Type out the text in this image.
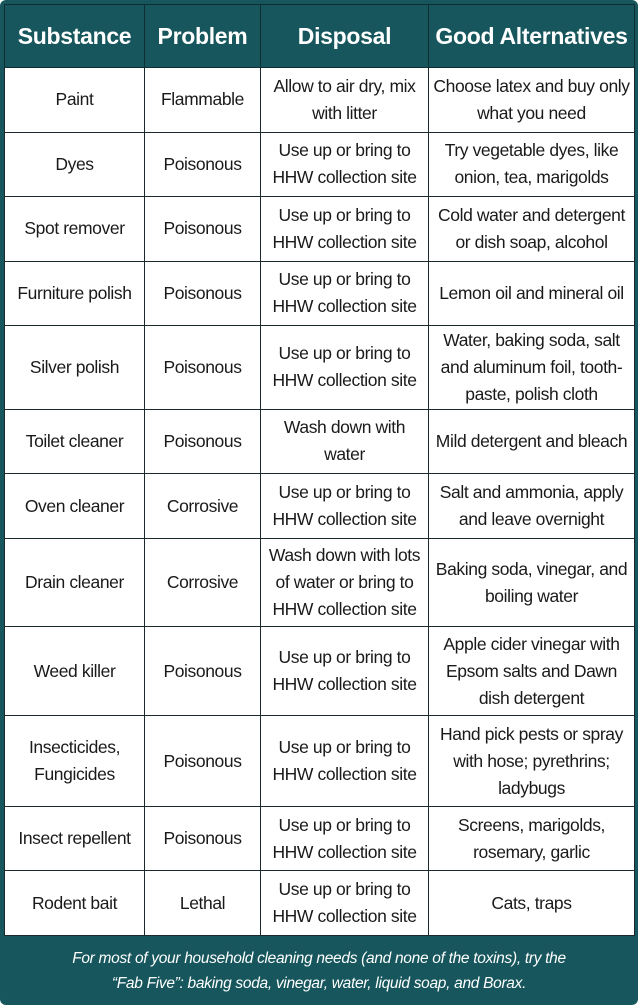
Substance	Problem	Disposal	Good Alternatives
Paint	Flammable	Allow to air dry, mix with litter	Choose latex and buy only what you need
Dyes	Poisonous	Use up or bring to HHW collection site	Try vegetable dyes, like onion, tea, marigolds
Spot remover	Poisonous	Use up or bring to HHW collection site	Cold water and detergent or dish soap, alcohol
Furniture polish	Poisonous	Use up or bring to HHW collection site	Lemon oil and mineral oil
Silver polish	Poisonous	Use up or bring to HHW collection site	Water, baking soda, salt and aluminum foil, tooth-paste, polish cloth
Toilet cleaner	Poisonous	Wash down with water	Mild detergent and bleach
Oven cleaner	Corrosive	Use up or bring to HHW collection site	Salt and ammonia, apply and leave overnight
Drain cleaner	Corrosive	Wash down with lots of water or bring to HHW collection site	Baking soda, vinegar, and boiling water
Weed killer	Poisonous	Use up or bring to HHW collection site	Apple cider vinegar with Epsom salts and Dawn dish detergent
Insecticides, Fungicides	Poisonous	Use up or bring to HHW collection site	Hand pick pests or spray with hose; pyrethrins; ladybugs
Insect repellent	Poisonous	Use up or bring to HHW collection site	Screens, marigolds, rosemary, garlic
Rodent bait	Lethal	Use up or bring to HHW collection site	Cats, traps
For most of your household cleaning needs (and none of the toxins), try the
“Fab Five”: baking soda, vinegar, water, liquid soap, and Borax.
